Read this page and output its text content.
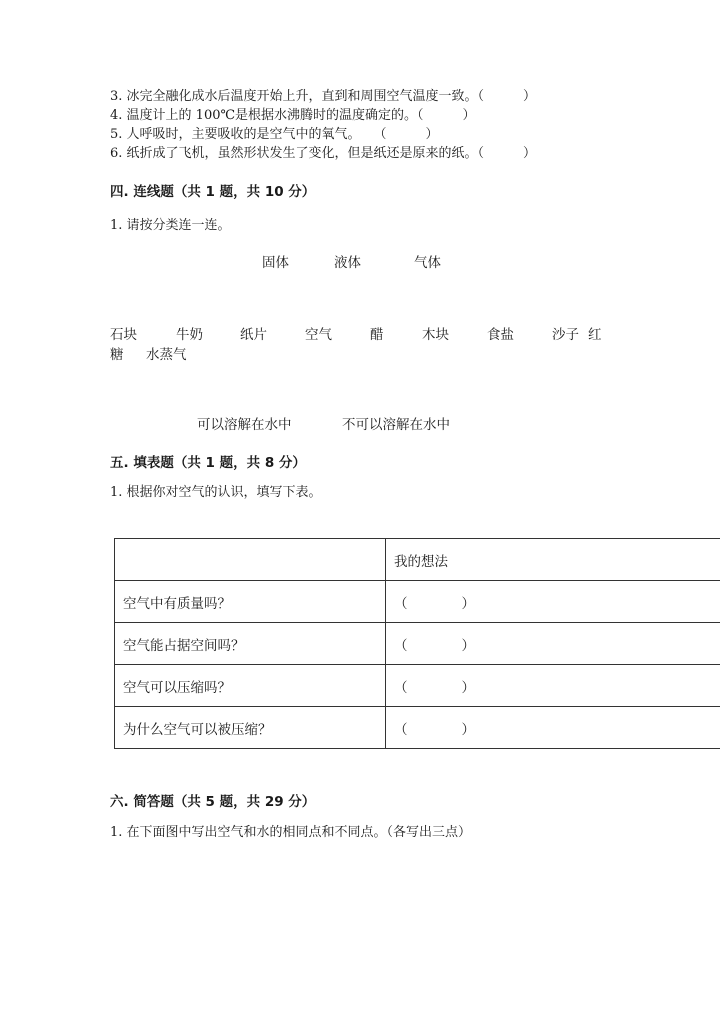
3. 冰完全融化成水后温度开始上升，直到和周围空气温度一致。（　　　）
4. 温度计上的 100℃是根据水沸腾时的温度确定的。（　　　）
5. 人呼吸时，主要吸收的是空气中的氧气。　　（　　　）
6. 纸折成了飞机，虽然形状发生了变化，但是纸还是原来的纸。（　　　）
四. 连线题（共 1 题，共 10 分）
1. 请按分类连一连。
固体	液体	气体
石块	牛奶	纸片	空气	醋	木块	食盐	沙子 红
糖 水蒸气
可以溶解在水中	不可以溶解在水中
五. 填表题（共 1 题，共 8 分）
1. 根据你对空气的认识，填写下表。
	我的想法
空气中有质量吗？	（　　　　）
空气能占据空间吗？	（　　　　）
空气可以压缩吗？	（　　　　）
为什么空气可以被压缩？	（　　　　）
六. 简答题（共 5 题，共 29 分）
1. 在下面图中写出空气和水的相同点和不同点。（各写出三点）
